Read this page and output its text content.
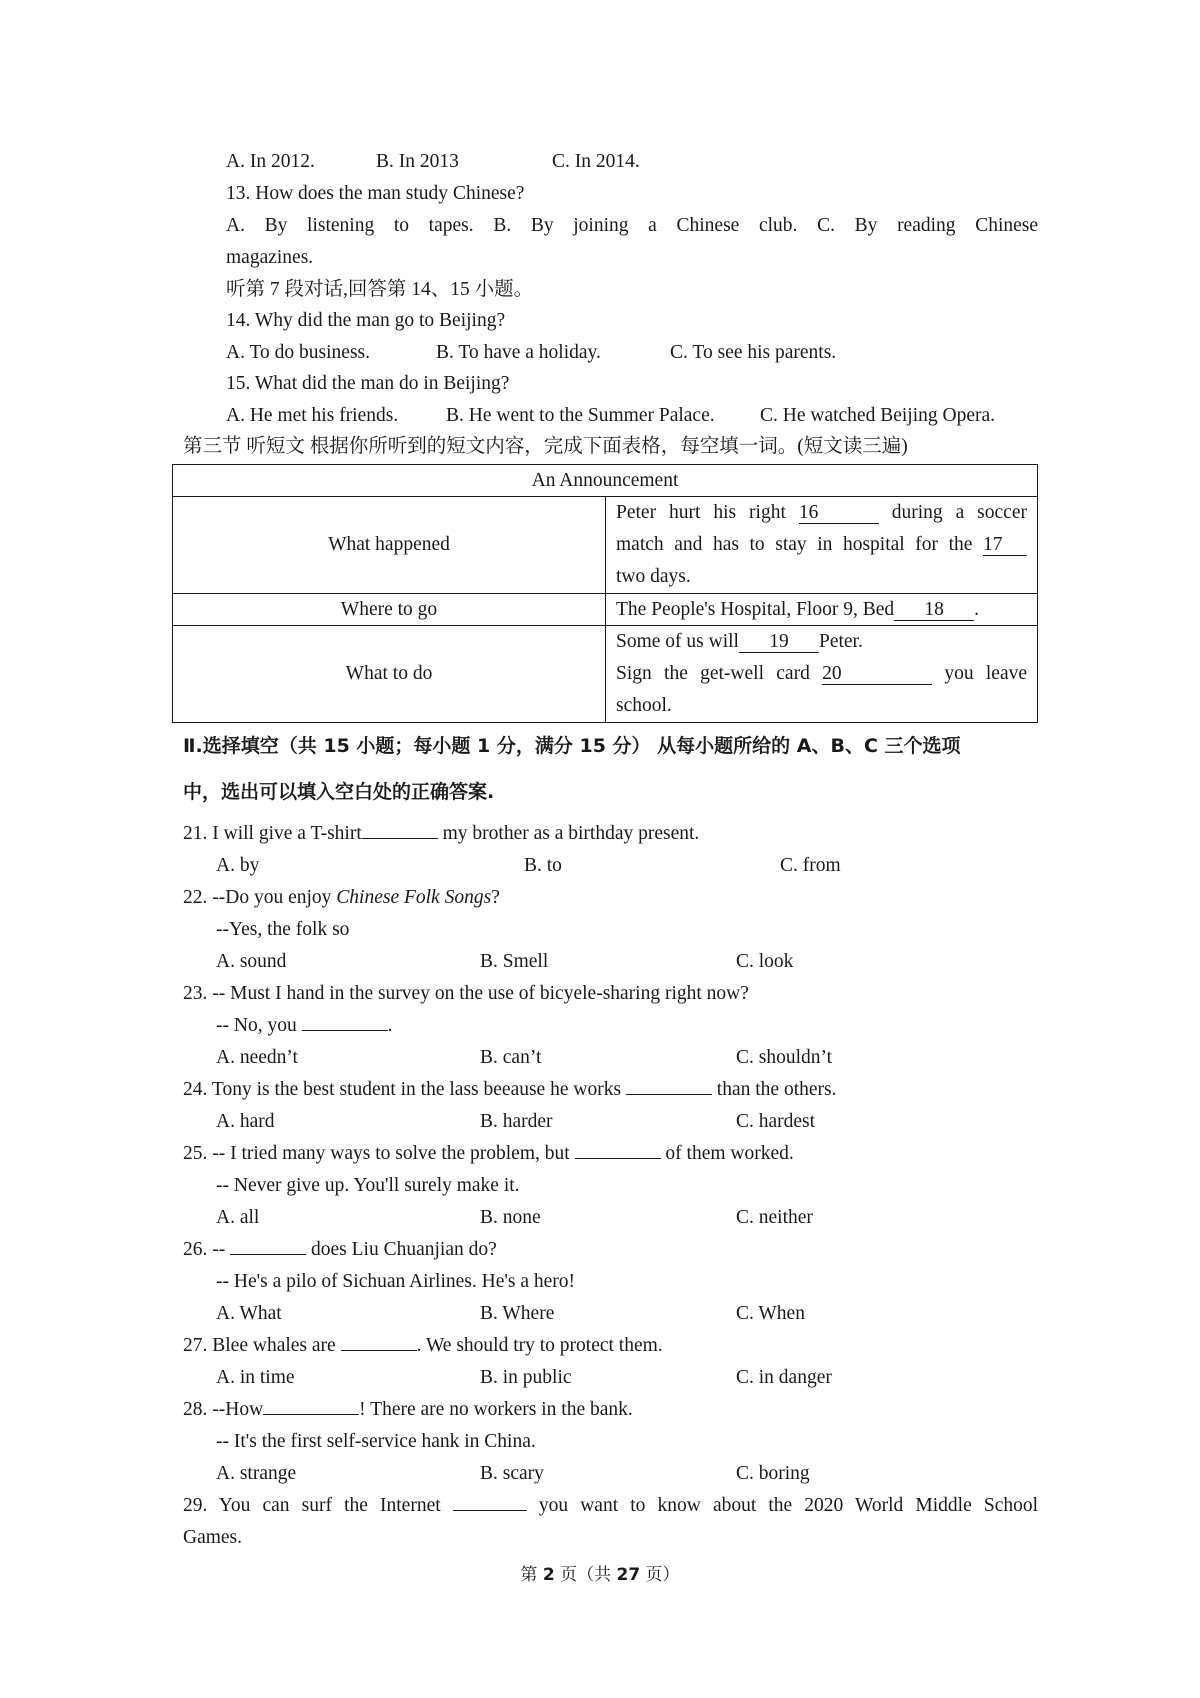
A. In 2012.	B. In 2013	C. In 2014.
13. How does the man study Chinese?
A. By listening to tapes. B. By joining a Chinese club. C. By reading Chinese
magazines.
听第 7 段对话,回答第 14、15 小题。
14. Why did the man go to Beijing?
A. To do business.	B. To have a holiday.	C. To see his parents.
15. What did the man do in Beijing?
A. He met his friends. B. He went to the Summer Palace. C. He watched Beijing Opera.
第三节 听短文 根据你所听到的短文内容，完成下面表格，每空填一词。(短文读三遍)
An Announcement	
What happened	Peter hurt his right 16 during a soccer
match and has to stay in hospital for the 17
two days.

Where to go	The People's Hospital, Floor 9, Bed 18 .
What to do	Some of us will 19 Peter.
Sign the get-well card 20 you leave
school.
Ⅱ.选择填空（共 15 小题；每小题 1 分，满分 15 分） 从每小题所给的 A、B、C 三个选项
中，选出可以填入空白处的正确答案.
21. I will give a T-shirt	my brother as a birthday present.
A. by	B. to	C. from
22. --Do you enjoy Chinese Folk Songs?
--Yes, the folk so
A. sound	B. Smell	C. look
23. -- Must I hand in the survey on the use of bicyele-sharing right now?
-- No, you	.
A. needn’t	B. can’t	C. shouldn’t
24. Tony is the best student in the lass beeause he works	than the others.
A. hard	B. harder	C. hardest
25. -- I tried many ways to solve the problem, but	of them worked.
-- Never give up. You'll surely make it.
A. all	B. none	C. neither
26. --	does Liu Chuanjian do?
-- He's a pilo of Sichuan Airlines. He's a hero!
A. What	B. Where	C. When
27. Blee whales are	. We should try to protect them.
A. in time	B. in public	C. in danger
28. --How	! There are no workers in the bank.
-- It's the first self-service hank in China.
A. strange	B. scary	C. boring
29. You can surf the Internet	you want to know about the 2020 World Middle School
Games.
第 2 页（共 27 页）
